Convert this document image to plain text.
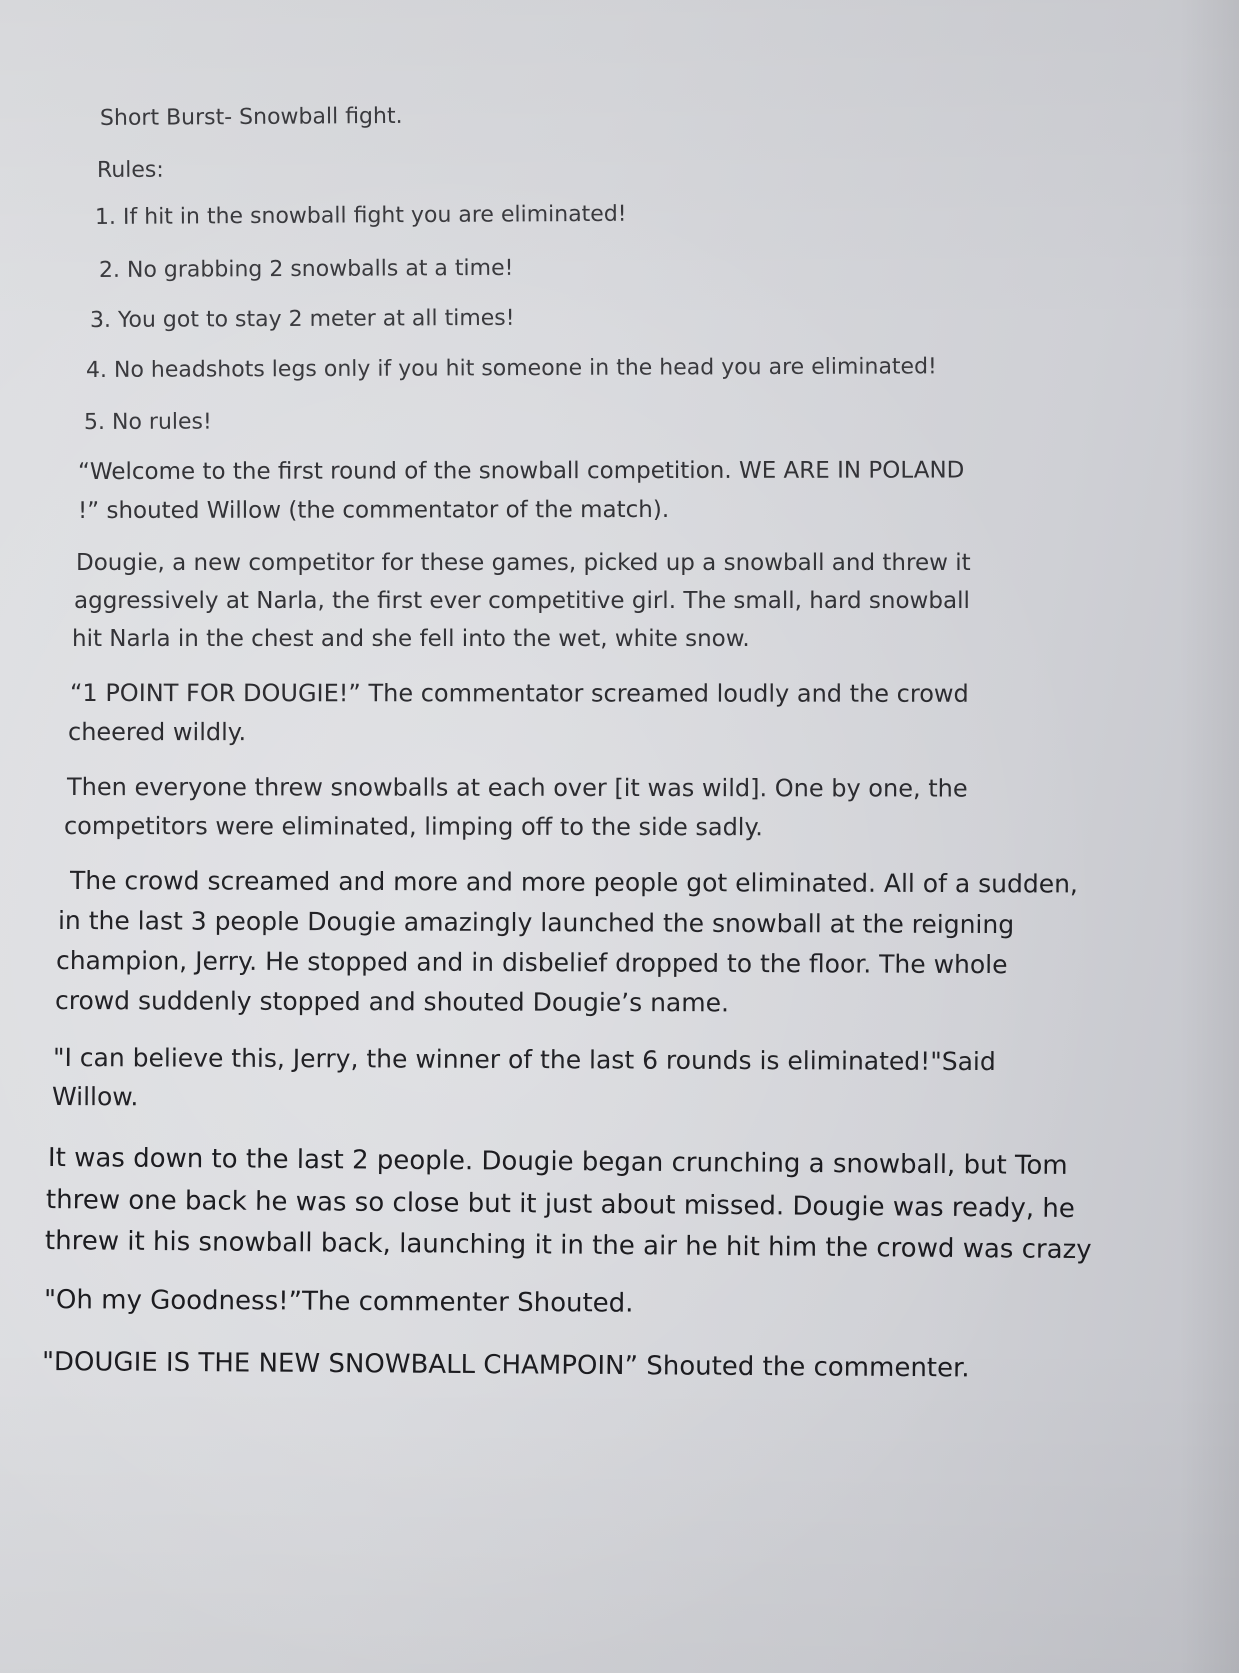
Short Burst- Snowball fight.

Rules:

1. If hit in the snowball fight you are eliminated!

2. No grabbing 2 snowballs at a time!

3. You got to stay 2 meter at all times!

4. No headshots legs only if you hit someone in the head you are eliminated!

5. No rules!

“Welcome to the first round of the snowball competition. WE ARE IN POLAND

!” shouted Willow (the commentator of the match).

Dougie, a new competitor for these games, picked up a snowball and threw it

aggressively at Narla, the first ever competitive girl. The small, hard snowball

hit Narla in the chest and she fell into the wet, white snow.

“1 POINT FOR DOUGIE!” The commentator screamed loudly and the crowd

cheered wildly.

Then everyone threw snowballs at each over [it was wild]. One by one, the

competitors were eliminated, limping off to the side sadly.

The crowd screamed and more and more people got eliminated. All of a sudden,

in the last 3 people Dougie amazingly launched the snowball at the reigning

champion, Jerry. He stopped and in disbelief dropped to the floor. The whole

crowd suddenly stopped and shouted Dougie’s name.

"I can believe this, Jerry, the winner of the last 6 rounds is eliminated!"Said

Willow.

It was down to the last 2 people. Dougie began crunching a snowball, but Tom

threw one back he was so close but it just about missed. Dougie was ready, he

threw it his snowball back, launching it in the air he hit him the crowd was crazy

"Oh my Goodness!”The commenter Shouted.

"DOUGIE IS THE NEW SNOWBALL CHAMPOIN” Shouted the commenter.
